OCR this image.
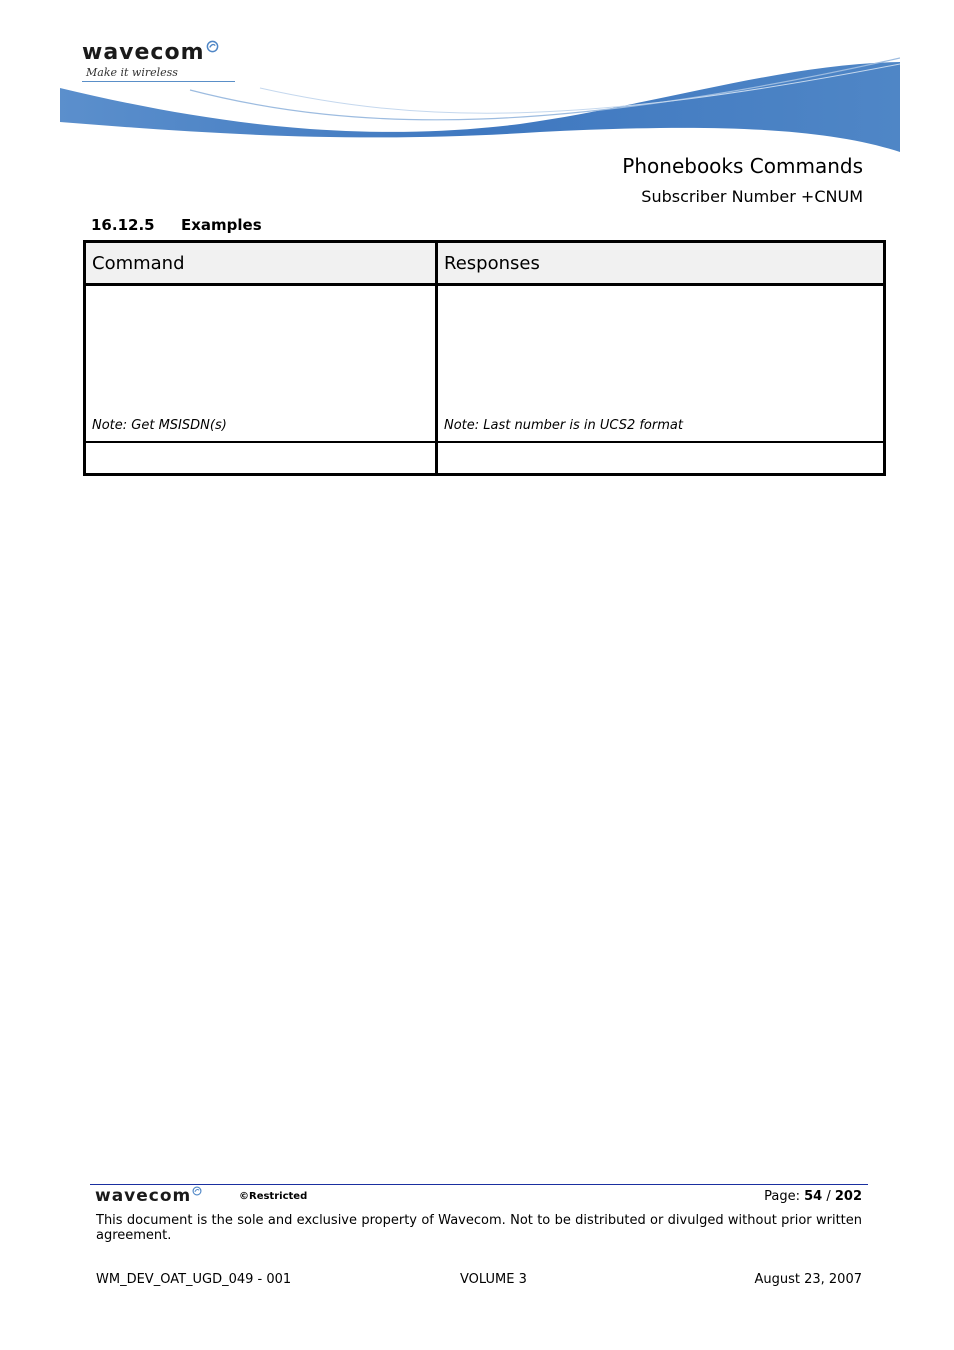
wavecom
Make it wireless
Phonebooks Commands
Subscriber Number +CNUM
16.12.5 Examples
Command	Responses
Note: Get MSISDN(s)	Note: Last number is in UCS2 format

wavecom	©Restricted	Page: 54 / 202
This document is the sole and exclusive property of Wavecom. Not to be distributed or divulged without prior written agreement.
WM_DEV_OAT_UGD_049 - 001	VOLUME 3	August 23, 2007
